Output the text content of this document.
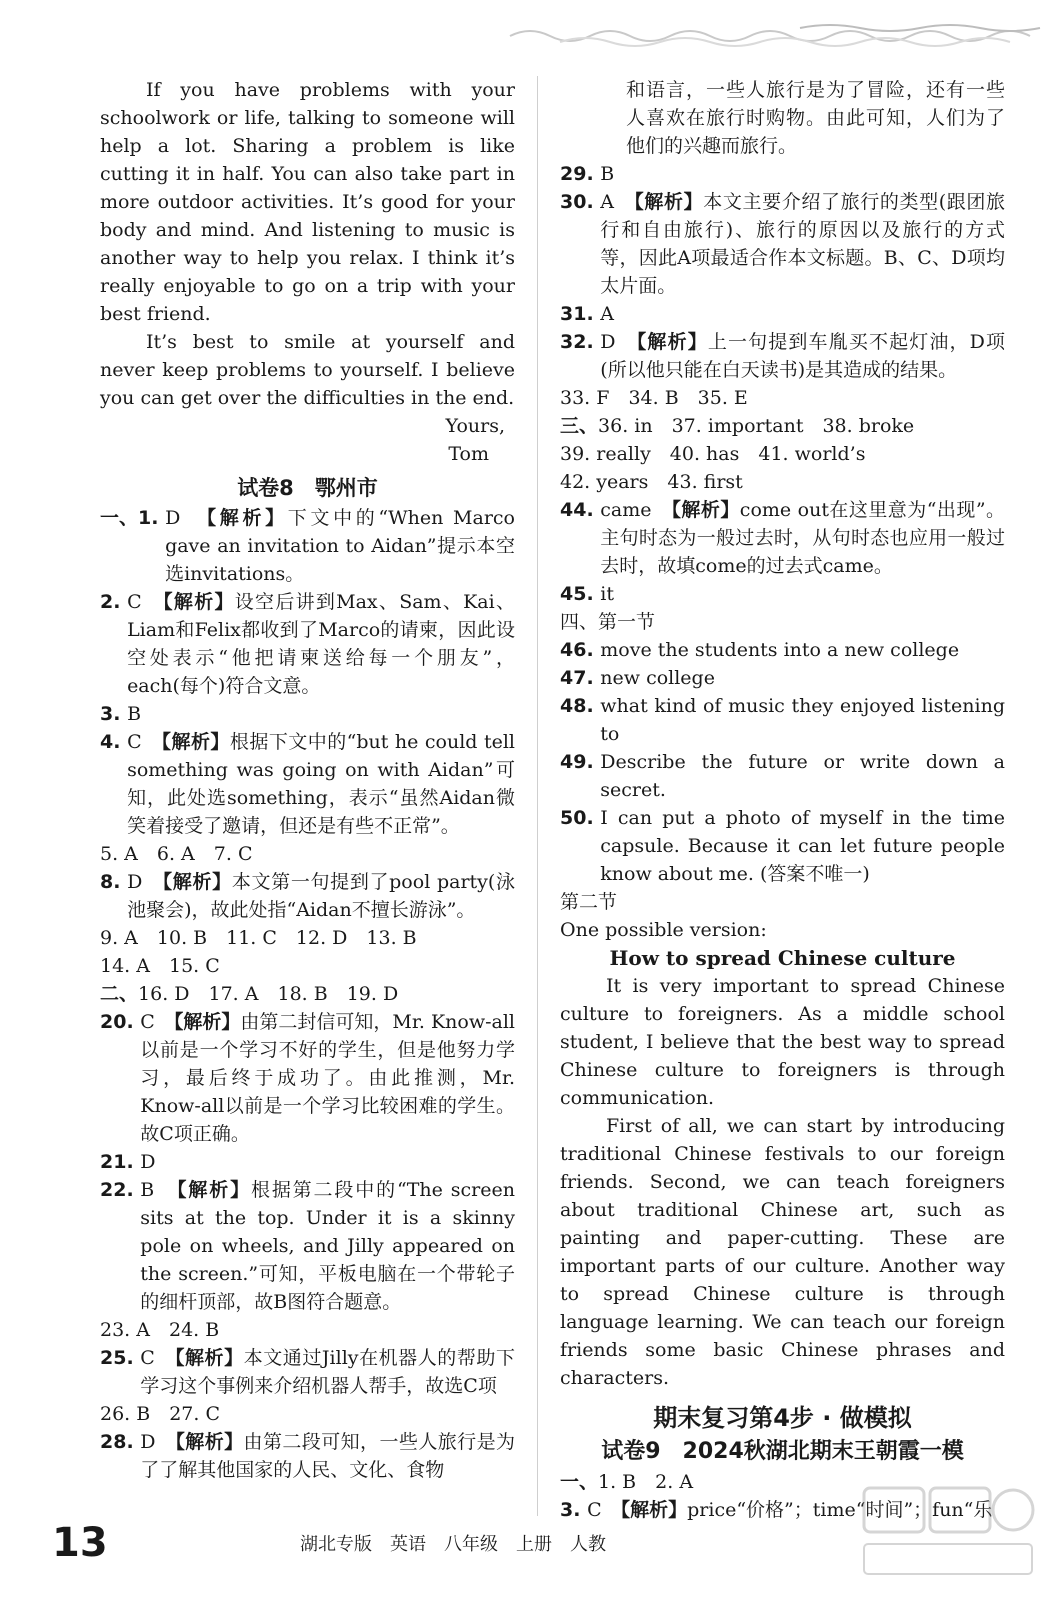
If you have problems with your schoolwork or life, talking to someone will help a lot. Sharing a problem is like cutting it in half. You can also take part in more outdoor activities. It’s good for your body and mind. And listening to music is another way to help you relax. I think it’s really enjoyable to go on a trip with your best friend.

It’s best to smile at yourself and never keep problems to yourself. I believe you can get over the difficulties in the end.

Yours,

Tom

试卷8　鄂州市
一、1. D　【解析】下文中的“When Marco gave an invitation to Aidan”提示本空选invitations。
2. C　【解析】设空后讲到Max、Sam、Kai、Liam和Felix都收到了Marco的请柬，因此设空处表示“他把请柬送给每一个朋友”，each(每个)符合文意。
3. B
4. C　【解析】根据下文中的“but he could tell something was going on with Aidan”可知，此处选something，表示“虽然Aidan微笑着接受了邀请，但还是有些不正常”。
5. A　6. A　7. C
8. D　【解析】本文第一句提到了pool party(泳池聚会)，故此处指“Aidan不擅长游泳”。
9. A　10. B　11. C　12. D　13. B
14. A　15. C
二、 16. D　17. A　18. B　19. D
20. C　【解析】由第二封信可知，Mr. Know-all以前是一个学习不好的学生，但是他努力学习，最后终于成功了。由此推测，Mr. Know-all以前是一个学习比较困难的学生。故C项正确。
21. D
22. B　【解析】根据第二段中的“The screen sits at the top. Under it is a skinny pole on wheels, and Jilly appeared on the screen.”可知，平板电脑在一个带轮子的细杆顶部，故B图符合题意。
23. A　24. B
25. C　【解析】本文通过Jilly在机器人的帮助下学习这个事例来介绍机器人帮手，故选C项
26. B　27. C
28. D　【解析】由第二段可知，一些人旅行是为了了解其他国家的人民、文化、食物

和语言，一些人旅行是为了冒险，还有一些人喜欢在旅行时购物。由此可知，人们为了他们的兴趣而旅行。

29. B
30. A　【解析】本文主要介绍了旅行的类型(跟团旅行和自由旅行)、旅行的原因以及旅行的方式等，因此A项最适合作本文标题。B、C、D项均太片面。
31. A
32. D　【解析】上一句提到车胤买不起灯油，D项(所以他只能在白天读书)是其造成的结果。
33. F　34. B　35. E
三、 36. in　37. important　38. broke
39. really　40. has　41. world’s
42. years　43. first
44. came　【解析】come out在这里意为“出现”。主句时态为一般过去时，从句时态也应用一般过去时，故填come的过去式came。
45. it

四、第一节

46. move the students into a new college
47. new college
48. what kind of music they enjoyed listening to
49. Describe the future or write down a secret.
50. I can put a photo of myself in the time capsule. Because it can let future people know about me. (答案不唯一)

第二节

One possible version:

How to spread Chinese culture

It is very important to spread Chinese culture to foreigners. As a middle school student, I believe that the best way to spread Chinese culture to foreigners is through communication.

First of all, we can start by introducing traditional Chinese festivals to our foreign friends. Second, we can teach foreigners about traditional Chinese art, such as painting and paper-cutting. These are important parts of our culture. Another way to spread Chinese culture is through language learning. We can teach our foreign friends some basic Chinese phrases and characters.

期末复习第4步 · 做模拟
试卷9　2024秋湖北期末王朝霞一模
一、 1. B　2. A
3. C　【解析】price“价格”；time“时间”；fun“乐
13	湖北专版　英语　八年级　上册　人教
